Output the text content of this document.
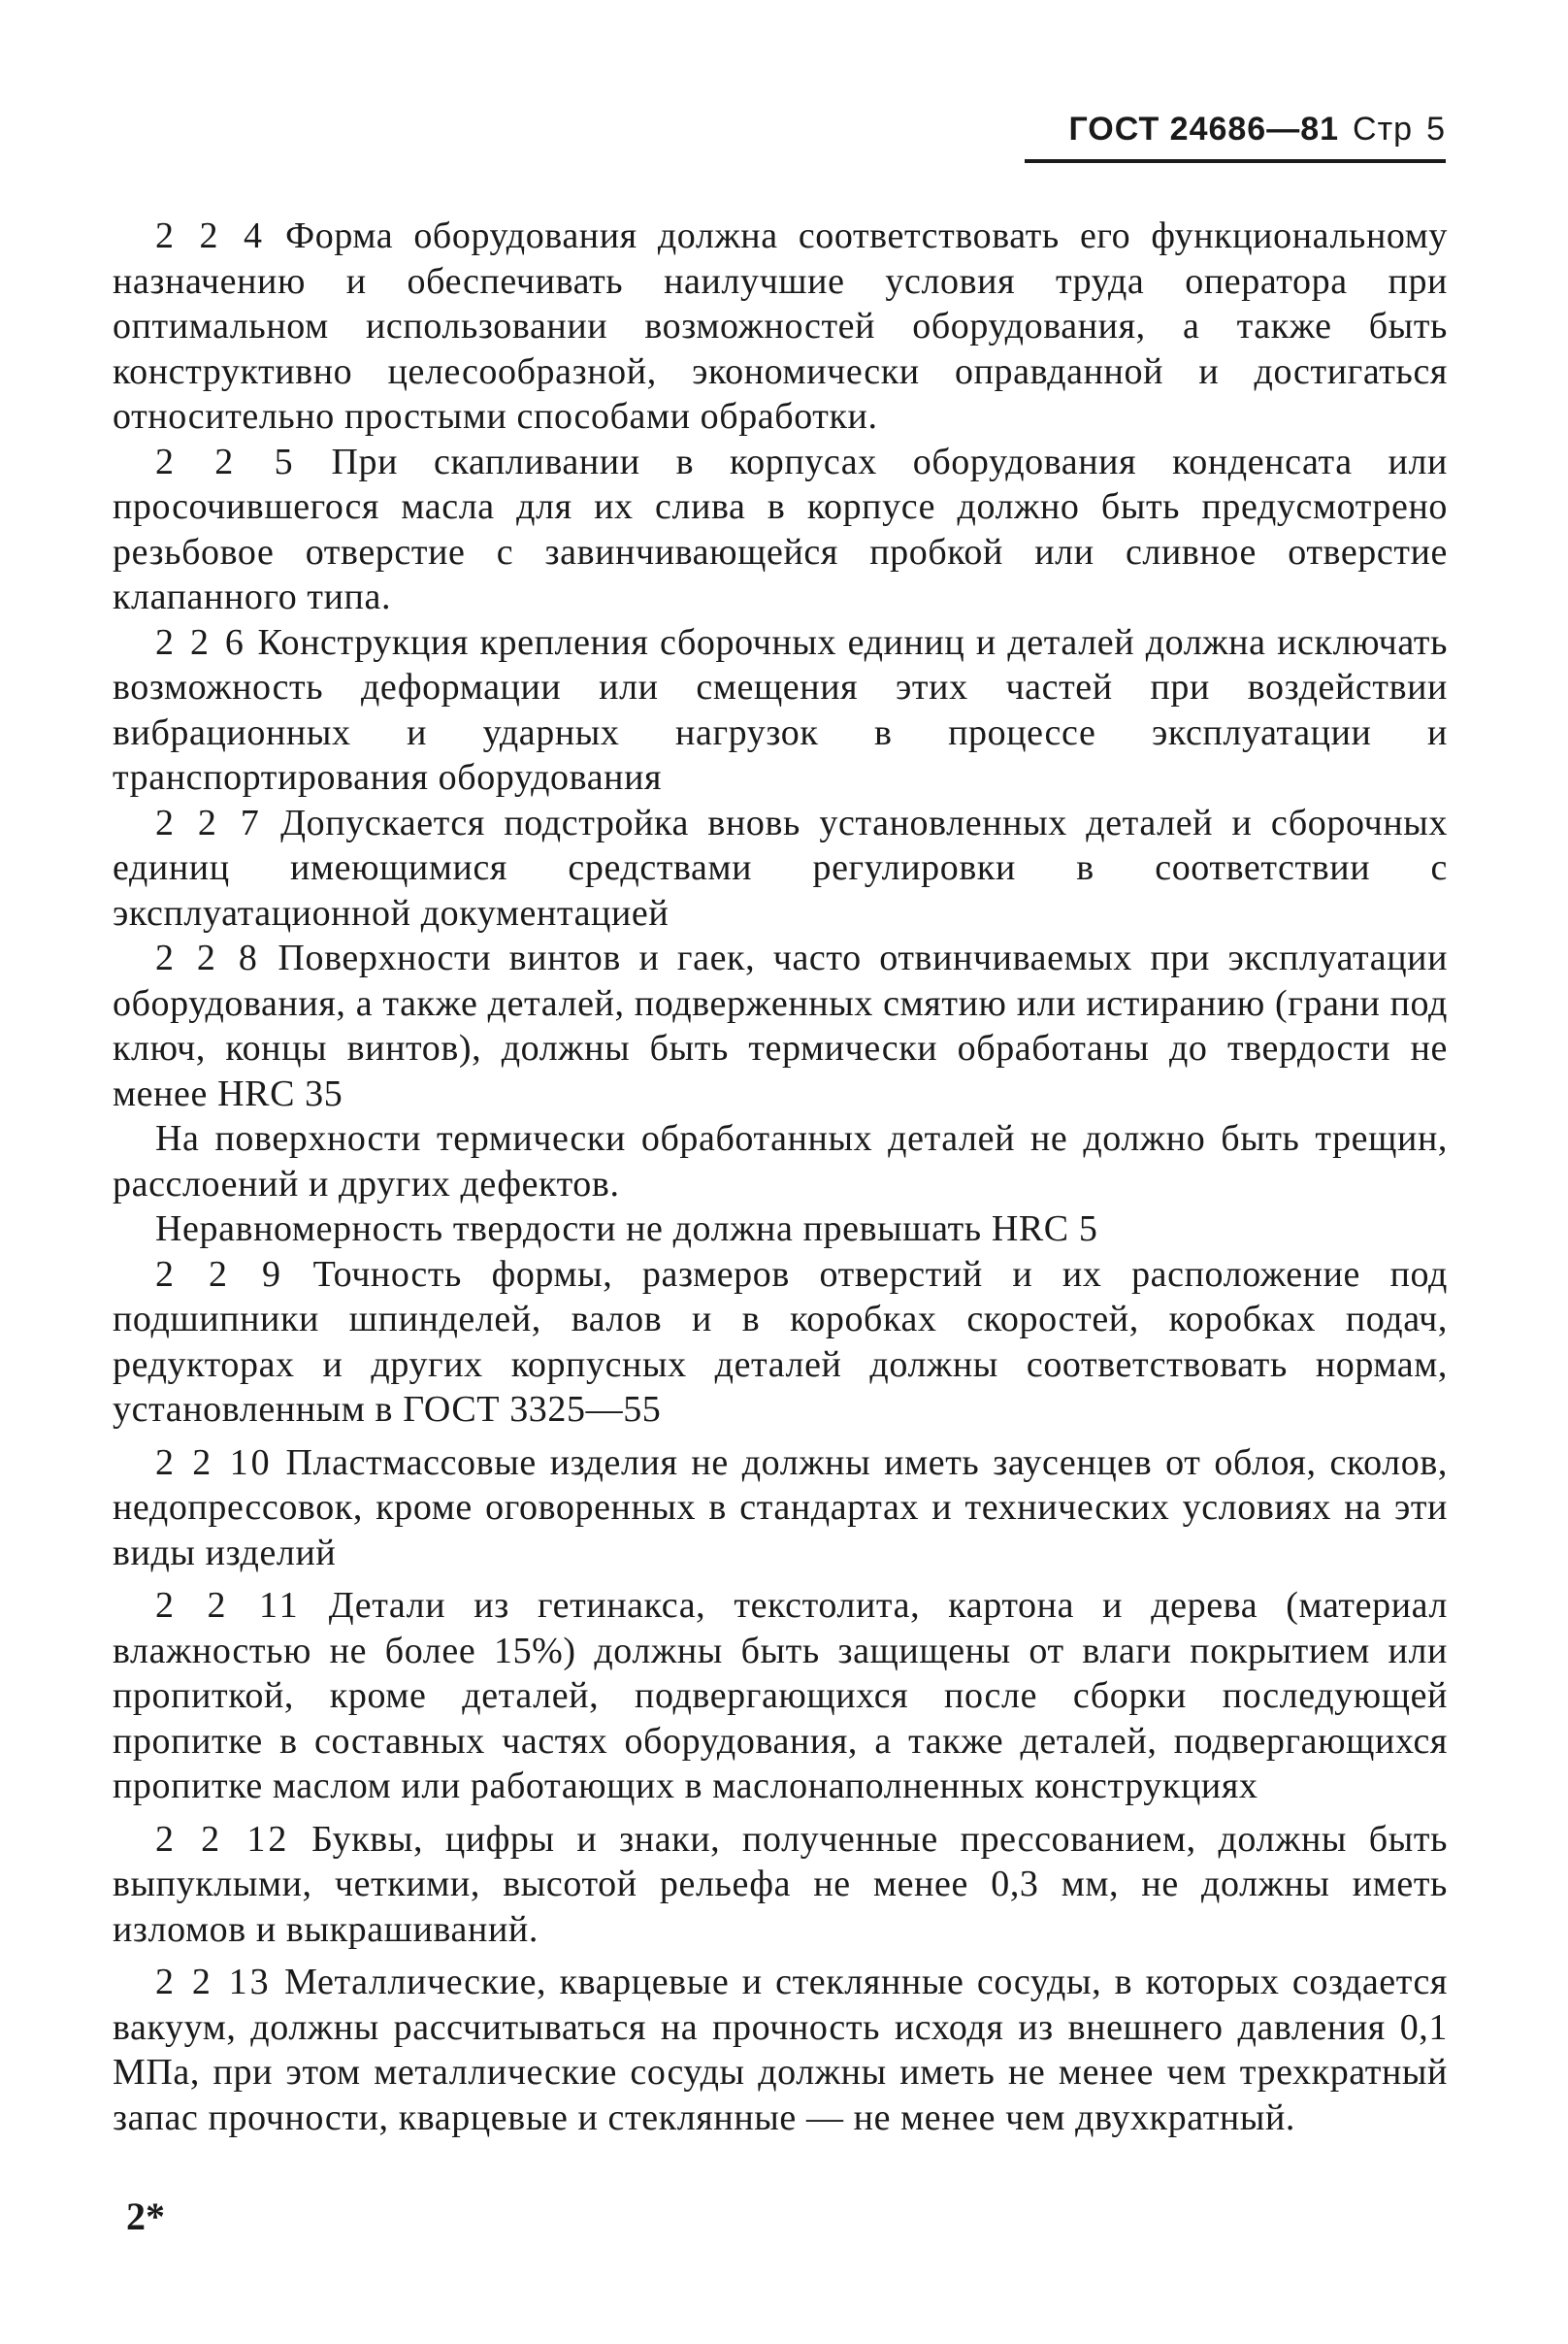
ГОСТ 24686—81 Стр 5

2 2 4 Форма оборудования должна соответствовать его функциональному назначению и обеспечивать наилучшие условия труда оператора при оптимальном использовании возможностей оборудования, а также быть конструктивно целесообразной, экономически оправданной и достигаться относительно простыми способами обработки.

2 2 5 При скапливании в корпусах оборудования конденсата или просочившегося масла для их слива в корпусе должно быть предусмотрено резьбовое отверстие с завинчивающейся пробкой или сливное отверстие клапанного типа.

2 2 6 Конструкция крепления сборочных единиц и деталей должна исключать возможность деформации или смещения этих частей при воздействии вибрационных и ударных нагрузок в процессе эксплуатации и транспортирования оборудования

2 2 7 Допускается подстройка вновь установленных деталей и сборочных единиц имеющимися средствами регулировки в соответствии с эксплуатационной документацией

2 2 8 Поверхности винтов и гаек, часто отвинчиваемых при эксплуатации оборудования, а также деталей, подверженных смятию или истиранию (грани под ключ, концы винтов), должны быть термически обработаны до твердости не менее HRC 35

На поверхности термически обработанных деталей не должно быть трещин, расслоений и других дефектов.

Неравномерность твердости не должна превышать HRC 5

2 2 9 Точность формы, размеров отверстий и их расположение под подшипники шпинделей, валов и в коробках скоростей, коробках подач, редукторах и других корпусных деталей должны соответствовать нормам, установленным в ГОСТ 3325—55

2 2 10 Пластмассовые изделия не должны иметь заусенцев от облоя, сколов, недопрессовок, кроме оговоренных в стандартах и технических условиях на эти виды изделий

2 2 11 Детали из гетинакса, текстолита, картона и дерева (материал влажностью не более 15%) должны быть защищены от влаги покрытием или пропиткой, кроме деталей, подвергающихся после сборки последующей пропитке в составных частях оборудования, а также деталей, подвергающихся пропитке маслом или работающих в маслонаполненных конструкциях

2 2 12 Буквы, цифры и знаки, полученные прессованием, должны быть выпуклыми, четкими, высотой рельефа не менее 0,3 мм, не должны иметь изломов и выкрашиваний.

2 2 13 Металлические, кварцевые и стеклянные сосуды, в которых создается вакуум, должны рассчитываться на прочность исходя из внешнего давления 0,1 МПа, при этом металлические сосуды должны иметь не менее чем трехкратный запас прочности, кварцевые и стеклянные — не менее чем двухкратный.

2*
